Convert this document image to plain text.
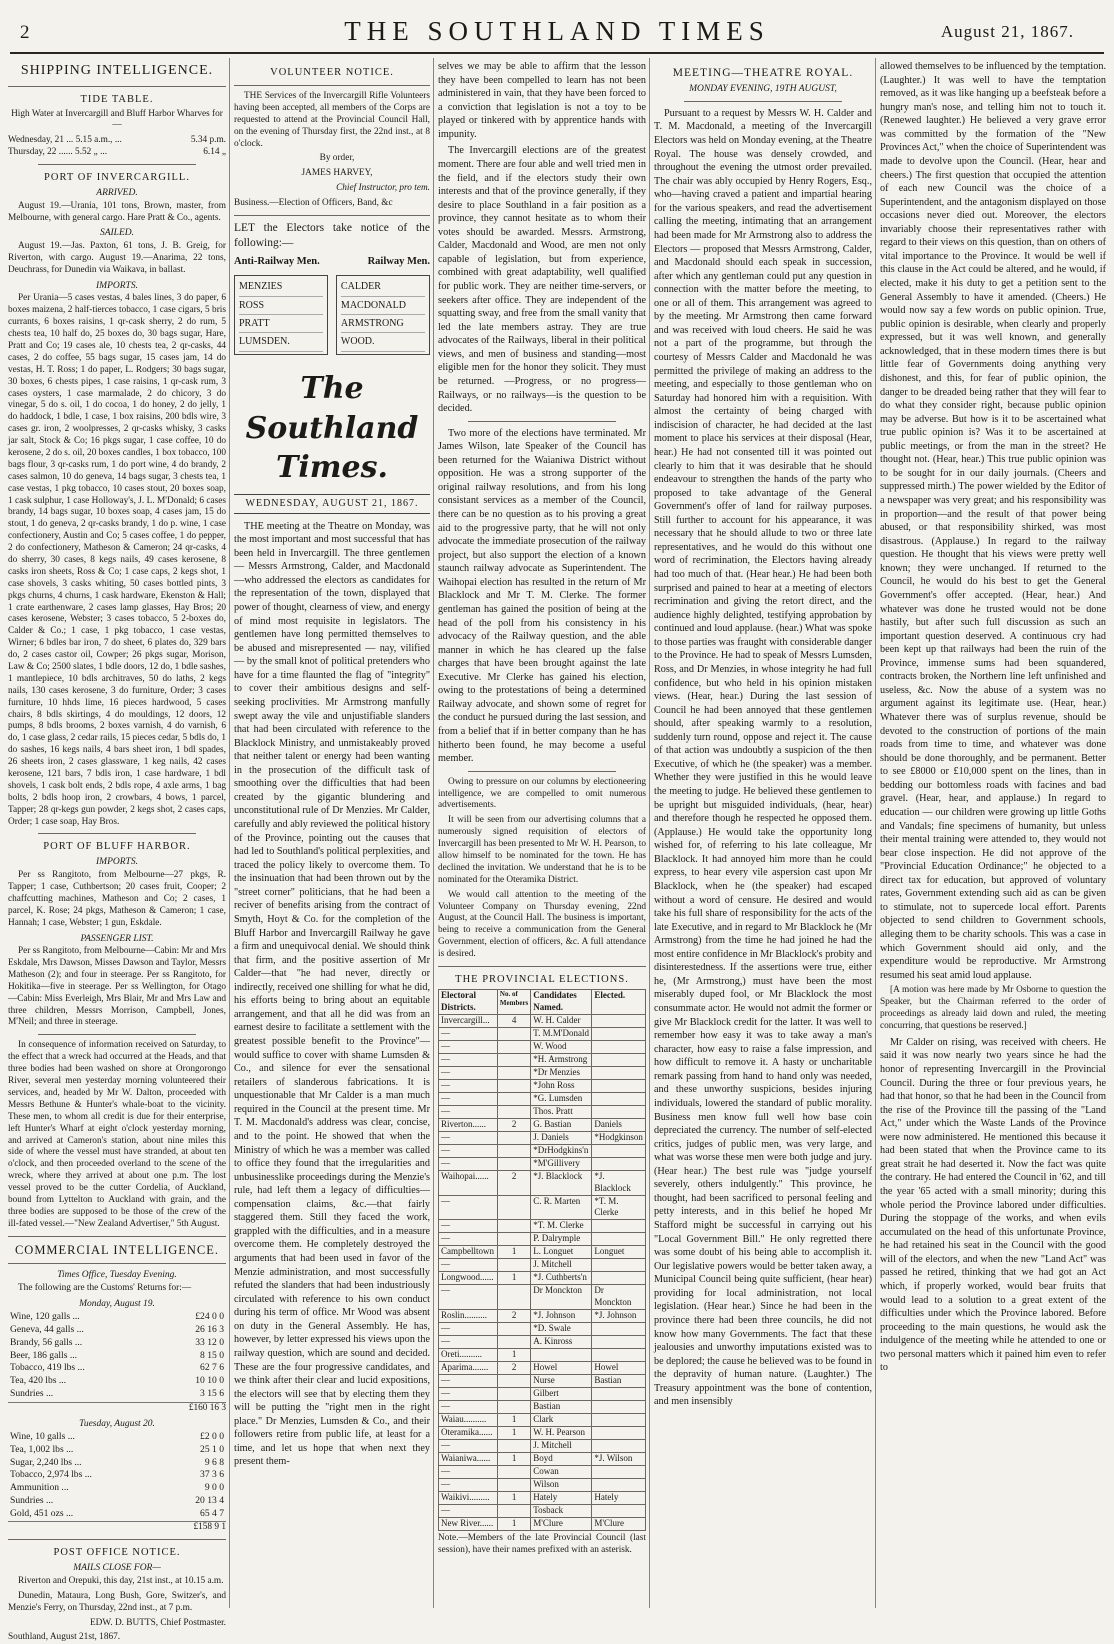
2	THE SOUTHLAND TIMES	August 21, 1867.
SHIPPING INTELLIGENCE.
TIDE TABLE.

High Water at Invercargill and Bluff Harbor Wharves for—

Wednesday, 21 ... 5.15 a.m., ...	5.34 p.m.
Thursday, 22 ...... 5.52 „ ...	6.14 „
PORT OF INVERCARGILL.
ARRIVED.

August 19.—Urania, 101 tons, Brown, master, from Melbourne, with general cargo. Hare Pratt & Co., agents.

SAILED.

August 19.—Jas. Paxton, 61 tons, J. B. Greig, for Riverton, with cargo. August 19.—Anarima, 22 tons, Deuchrass, for Dunedin via Waikava, in ballast.

IMPORTS.

Per Urania—5 cases vestas, 4 bales lines, 3 do paper, 6 boxes maizena, 2 half-tierces tobacco, 1 case cigars, 5 bris currants, 6 boxes raisins, 1 qr-cask sherry, 2 do rum, 5 chests tea, 10 half do, 25 boxes do, 30 bags sugar, Hare, Pratt and Co; 19 cases ale, 10 chests tea, 2 qr-casks, 44 cases, 2 do coffee, 55 bags sugar, 15 cases jam, 14 do vestas, H. T. Ross; 1 do paper, L. Rodgers; 30 bags sugar, 30 boxes, 6 chests pipes, 1 case raisins, 1 qr-cask rum, 3 cases oysters, 1 case marmalade, 2 do chicory, 3 do vinegar, 5 do s. oil, 1 do cocoa, 1 do honey, 2 do jelly, 1 do haddock, 1 bdle, 1 case, 1 box raisins, 200 bdls wire, 3 cases gr. iron, 2 woolpresses, 2 qr-casks whisky, 3 casks jar salt, Stock & Co; 16 pkgs sugar, 1 case coffee, 10 do kerosene, 2 do s. oil, 20 boxes candles, 1 box tobacco, 100 bags flour, 3 qr-casks rum, 1 do port wine, 4 do brandy, 2 cases salmon, 10 do geneva, 14 bags sugar, 3 chests tea, 1 case vestas, 1 pkg tobacco, 10 cases stout, 20 boxes soap, 1 cask sulphur, 1 case Holloway's, J. L. M'Donald; 6 cases brandy, 14 bags sugar, 10 boxes soap, 4 cases jam, 15 do stout, 1 do geneva, 2 qr-casks brandy, 1 do p. wine, 1 case confectionery, Austin and Co; 5 cases coffee, 1 do pepper, 2 do confectionery, Matheson & Cameron; 24 qr-casks, 4 do sherry, 30 cases, 8 kegs nails, 49 cases kerosene, 8 casks iron sheets, Ross & Co; 1 case caps, 2 kegs shot, 1 case shovels, 3 casks whiting, 50 cases bottled pints, 3 pkgs churns, 4 churns, 1 cask hardware, Ekenston & Hall; 1 crate earthenware, 2 cases lamp glasses, Hay Bros; 20 cases kerosene, Webster; 3 cases tobacco, 5 2-boxes do, Calder & Co.; 1 case, 1 pkg tobacco, 1 case vestas, Wirner; 6 bdles bar iron, 7 do sheet, 6 plates do, 329 bars do, 2 cases castor oil, Cowper; 26 pkgs sugar, Morison, Law & Co; 2500 slates, 1 bdle doors, 12 do, 1 bdle sashes, 1 mantlepiece, 10 bdls architraves, 50 do laths, 2 kegs nails, 130 cases kerosene, 3 do furniture, Order; 3 cases furniture, 10 hhds lime, 16 pieces hardwood, 5 cases chairs, 8 bdls skirtings, 4 do mouldings, 12 doors, 12 pumps, 8 bdls brooms, 2 boxes varnish, 4 do varnish, 6 do, 1 case glass, 2 cedar rails, 15 pieces cedar, 5 bdls do, 1 do sashes, 16 kegs nails, 4 bars sheet iron, 1 bdl spades, 26 sheets iron, 2 cases glassware, 1 keg nails, 42 cases kerosene, 121 bars, 7 bdls iron, 1 case hardware, 1 bdl shovels, 1 cask bolt ends, 2 bdls rope, 4 axle arms, 1 bag bolts, 2 bdls hoop iron, 2 crowbars, 4 bows, 1 parcel, Tapper; 28 qr-kegs gun powder, 2 kegs shot, 2 cases caps, Order; 1 case soap, Hay Bros.

PORT OF BLUFF HARBOR.
IMPORTS.

Per ss Rangitoto, from Melbourne—27 pkgs, R. Tapper; 1 case, Cuthbertson; 20 cases fruit, Cooper; 2 chaffcutting machines, Matheson and Co; 2 cases, 1 parcel, K. Rose; 24 pkgs, Matheson & Cameron; 1 case, Hannah; 1 case, Webster; 1 gun, Eskdale.

PASSENGER LIST.

Per ss Rangitoto, from Melbourne—Cabin: Mr and Mrs Eskdale, Mrs Dawson, Misses Dawson and Taylor, Messrs Matheson (2); and four in steerage. Per ss Rangitoto, for Hokitika—five in steerage. Per ss Wellington, for Otago—Cabin: Miss Everleigh, Mrs Blair, Mr and Mrs Law and three children, Messrs Morrison, Campbell, Jones, M'Neil; and three in steerage.

In consequence of information received on Saturday, to the effect that a wreck had occurred at the Heads, and that three bodies had been washed on shore at Orongorongo River, several men yesterday morning volunteered their services, and, headed by Mr W. Dalton, proceeded with Messrs Bethune & Hunter's whale-boat to the vicinity. These men, to whom all credit is due for their enterprise, left Hunter's Wharf at eight o'clock yesterday morning, and arrived at Cameron's station, about nine miles this side of where the vessel must have stranded, at about ten o'clock, and then proceeded overland to the scene of the wreck, where they arrived at about one p.m. The lost vessel proved to be the cutter Cordelia, of Auckland, bound from Lyttelton to Auckland with grain, and the three bodies are supposed to be those of the crew of the ill-fated vessel.—"New Zealand Advertiser," 5th August.

COMMERCIAL INTELLIGENCE.
Times Office, Tuesday Evening.

The following are the Customs' Returns for:—

Monday, August 19.
Wine, 120 galls ...	£24 0 0
Geneva, 44 galls ...	26 16 3
Brandy, 56 galls ...	33 12 0
Beer, 186 galls ...	8 15 0
Tobacco, 419 lbs ...	62 7 6
Tea, 420 lbs ...	10 10 0
Sundries ...	3 15 6
£160 16 3
Tuesday, August 20.
Wine, 10 galls ...	£2 0 0
Tea, 1,002 lbs ...	25 1 0
Sugar, 2,240 lbs ...	9 6 8
Tobacco, 2,974 lbs ...	37 3 6
Ammunition ...	9 0 0
Sundries ...	20 13 4
Gold, 451 ozs ...	65 4 7
£158 9 1
POST OFFICE NOTICE.
MAILS CLOSE FOR—

Riverton and Orepuki, this day, 21st inst., at 10.15 a.m.

Dunedin, Mataura, Long Bush, Gore, Switzer's, and Menzie's Ferry, on Thursday, 22nd inst., at 7 p.m.

EDW. D. BUTTS, Chief Postmaster.

Southland, August 21st, 1867.

VOLUNTEER NOTICE.

THE Services of the Invercargill Rifle Volunteers having been accepted, all members of the Corps are requested to attend at the Provincial Council Hall, on the evening of Thursday first, the 22nd inst., at 8 o'clock.

By order,

JAMES HARVEY,

Chief Instructor, pro tem.

Business.—Election of Officers, Band, &c

LET the Electors take notice of the following:—

Anti-Railway Men.	Railway Men.
MENZIES
ROSS
PRATT
LUMSDEN.
CALDER
MACDONALD
ARMSTRONG
WOOD.
The Southland Times.
WEDNESDAY, AUGUST 21, 1867.

THE meeting at the Theatre on Monday, was the most important and most successful that has been held in Invercargill. The three gentlemen — Messrs Armstrong, Calder, and Macdonald—who addressed the electors as candidates for the representation of the town, displayed that power of thought, clearness of view, and energy of mind most requisite in legislators. The gentlemen have long permitted themselves to be abused and misrepresented — nay, vilified — by the small knot of political pretenders who have for a time flaunted the flag of "integrity" to cover their ambitious designs and self-seeking proclivities. Mr Armstrong manfully swept away the vile and unjustifiable slanders that had been circulated with reference to the Blacklock Ministry, and unmistakeably proved that neither talent or energy had been wanting in the prosecution of the difficult task of smoothing over the difficulties that had been created by the gigantic blundering and unconstitutional rule of Dr Menzies. Mr Calder, carefully and ably reviewed the political history of the Province, pointing out the causes that had led to Southland's political perplexities, and traced the policy likely to overcome them. To the insinuation that had been thrown out by the "street corner" politicians, that he had been a reciver of benefits arising from the contract of Smyth, Hoyt & Co. for the completion of the Bluff Harbor and Invercargill Railway he gave a firm and unequivocal denial. We should think that firm, and the positive assertion of Mr Calder—that "he had never, directly or indirectly, received one shilling for what he did, his efforts being to bring about an equitable arrangement, and that all he did was from an earnest desire to facilitate a settlement with the greatest possible benefit to the Province"—would suffice to cover with shame Lumsden & Co., and silence for ever the sensational retailers of slanderous fabrications. It is unquestionable that Mr Calder is a man much required in the Council at the present time. Mr T. M. Macdonald's address was clear, concise, and to the point. He showed that when the Ministry of which he was a member was called to office they found that the irregularities and unbusinesslike proceedings during the Menzie's rule, had left them a legacy of difficulties—compensation claims, &c.—that fairly staggered them. Still they faced the work, grappled with the difficulties, and in a measure overcome them. He completely destroyed the arguments that had been used in favor of the Menzie administration, and most successfully refuted the slanders that had been industriously circulated with reference to his own conduct during his term of office. Mr Wood was absent on duty in the General Assembly. He has, however, by letter expressed his views upon the railway question, which are sound and decided. These are the four progressive candidates, and we think after their clear and lucid expositions, the electors will see that by electing them they will be putting the "right men in the right place." Dr Menzies, Lumsden & Co., and their followers retire from public life, at least for a time, and let us hope that when next they present them-

selves we may be able to affirm that the lesson they have been compelled to learn has not been administered in vain, that they have been forced to a conviction that legislation is not a toy to be played or tinkered with by apprentice hands with impunity.

The Invercargill elections are of the greatest moment. There are four able and well tried men in the field, and if the electors study their own interests and that of the province generally, if they desire to place Southland in a fair position as a province, they cannot hesitate as to whom their votes should be awarded. Messrs. Armstrong, Calder, Macdonald and Wood, are men not only capable of legislation, but from experience, combined with great adaptability, well qualified for public work. They are neither time-servers, or seekers after office. They are independent of the squatting sway, and free from the small vanity that led the late members astray. They are true advocates of the Railways, liberal in their political views, and men of business and standing—most eligible men for the honor they solicit. They must be returned. —Progress, or no progress—Railways, or no railways—is the question to be decided.

Two more of the elections have terminated. Mr James Wilson, late Speaker of the Council has been returned for the Waianiwa District without opposition. He was a strong supporter of the original railway resolutions, and from his long consistant services as a member of the Council, there can be no question as to his proving a great aid to the progressive party, that he will not only advocate the immediate prosecution of the railway project, but also support the election of a known staunch railway advocate as Superintendent. The Waihopai election has resulted in the return of Mr Blacklock and Mr T. M. Clerke. The former gentleman has gained the position of being at the head of the poll from his consistency in his advocacy of the Railway question, and the able manner in which he has cleared up the false charges that have been brought against the late Executive. Mr Clerke has gained his election, owing to the protestations of being a determined Railway advocate, and shown some of regret for the conduct he pursued during the last session, and from a belief that if in better company than he has hitherto been found, he may become a useful member.

Owing to pressure on our columns by electioneering intelligence, we are compelled to omit numerous advertisements.

It will be seen from our advertising columns that a numerously signed requisition of electors of Invercargill has been presented to Mr W. H. Pearson, to allow himself to be nominated for the town. He has declined the invitation. We understand that he is to be nominated for the Oteramika District.

We would call attention to the meeting of the Volunteer Company on Thursday evening, 22nd August, at the Council Hall. The business is important, being to receive a communication from the General Government, election of officers, &c. A full attendance is desired.

THE PROVINCIAL ELECTIONS.
Electoral Districts.	No. of Members	Candidates Named.	Elected.
Invercargill...	4	W. H. Calder	
—		T. M.M'Donald	
—		W. Wood	
—		*H. Armstrong	
—		*Dr Menzies	
—		*John Ross	
—		*G. Lumsden	
—		Thos. Pratt	
Riverton......	2	G. Bastian	Daniels
—		J. Daniels	*Hodgkinson
—		*DrHodgkins'n	
—		*M'Gillivery	
Waihopai......	2	*J. Blacklock	*J. Blacklock
—		C. R. Marten	*T. M. Clerke
—		*T. M. Clerke	
—		P. Dalrymple	
Campbelltown	1	L. Longuet	Longuet
—		J. Mitchell	
Longwood......	1	*J. Cuthberts'n	
—		Dr Monckton	Dr Monckton
Roslin..........	2	*J. Johnson	*J. Johnson
—		*D. Swale	
—		A. Kinross	
Oreti..........	1		
Aparima.......	2	Howel	Howel
—		Nurse	Bastian
—		Gilbert	
—		Bastian	
Waiau..........	1	Clark	
Oteramika......	1	W. H. Pearson	
—		J. Mitchell	
Waianiwa......	1	Boyd	*J. Wilson
—		Cowan	
—		Wilson	
Waikivi.........	1	Hately	Hately
—		Tosback	
New River......	1	M'Clure	M'Clure

Note.—Members of the late Provincial Council (last session), have their names prefixed with an asterisk.

MEETING—THEATRE ROYAL.
MONDAY EVENING, 19TH AUGUST,

Pursuant to a request by Messrs W. H. Calder and T. M. Macdonald, a meeting of the Invercargill Electors was held on Monday evening, at the Theatre Royal. The house was densely crowded, and throughout the evening the utmost order prevailed. The chair was ably occupied by Henry Rogers, Esq., who—having craved a patient and impartial hearing for the various speakers, and read the advertisement calling the meeting, intimating that an arrangement had been made for Mr Armstrong also to address the Electors — proposed that Messrs Armstrong, Calder, and Macdonald should each speak in succession, after which any gentleman could put any question in connection with the matter before the meeting, to one or all of them. This arrangement was agreed to by the meeting. Mr Armstrong then came forward and was received with loud cheers. He said he was not a part of the programme, but through the courtesy of Messrs Calder and Macdonald he was permitted the privilege of making an address to the meeting, and especially to those gentleman who on Saturday had honored him with a requisition. With almost the certainty of being charged with indiscision of character, he had decided at the last moment to place his services at their disposal (Hear, hear.) He had not consented till it was pointed out clearly to him that it was desirable that he should endeavour to strengthen the hands of the party who proposed to take advantage of the General Government's offer of land for railway purposes. Still further to account for his appearance, it was necessary that he should allude to two or three late representatives, and he would do this without one word of recrimination, the Electors having already had too much of that. (Hear hear.) He had been both surprised and pained to hear at a meeting of electors recrimination and giving the retort direct, and the audience highly delighted, testifying approbation by continued and loud applause. (hear.) What was spoke to those parties was fraught with considerable danger to the Province. He had to speak of Messrs Lumsden, Ross, and Dr Menzies, in whose integrity he had full confidence, but who held in his opinion mistaken views. (Hear, hear.) During the last session of Council he had been annoyed that these gentlemen should, after speaking warmly to a resolution, suddenly turn round, oppose and reject it. The cause of that action was undoubtly a suspicion of the then Executive, of which he (the speaker) was a member. Whether they were justified in this he would leave the meeting to judge. He believed these gentlemen to be upright but misguided individuals, (hear, hear) and therefore though he respected he opposed them. (Applause.) He would take the opportunity long wished for, of referring to his late colleague, Mr Blacklock. It had annoyed him more than he could express, to hear every vile aspersion cast upon Mr Blacklock, when he (the speaker) had escaped without a word of censure. He desired and would take his full share of responsibility for the acts of the late Executive, and in regard to Mr Blacklock he (Mr Armstrong) from the time he had joined he had the most entire confidence in Mr Blacklock's probity and disinterestedness. If the assertions were true, either he, (Mr Armstrong,) must have been the most miserably duped fool, or Mr Blacklock the most consummate actor. He would not admit the former or give Mr Blacklock credit for the latter. It was well to remember how easy it was to take away a man's character, how easy to raise a false impression, and how difficult to remove it. A hasty or uncharitable remark passing from hand to hand only was needed, and these unworthy suspicions, besides injuring individuals, lowered the standard of public morality. Business men know full well how base coin depreciated the currency. The number of self-elected critics, judges of public men, was very large, and what was worse these men were both judge and jury. (Hear hear.) The best rule was "judge yourself severely, others indulgently." This province, he thought, had been sacrificed to personal feeling and petty interests, and in this belief he hoped Mr Stafford might be successful in carrying out his "Local Government Bill." He only regretted there was some doubt of his being able to accomplish it. Our legislative powers would be better taken away, a Municipal Council being quite sufficient, (hear hear) providing for local administration, not local legislation. (Hear hear.) Since he had been in the province there had been three councils, he did not know how many Governments. The fact that these jealousies and unworthy imputations existed was to be deplored; the cause he believed was to be found in the depravity of human nature. (Laughter.) The Treasury appointment was the bone of contention, and men insensibly

allowed themselves to be influenced by the temptation. (Laughter.) It was well to have the temptation removed, as it was like hanging up a beefsteak before a hungry man's nose, and telling him not to touch it. (Renewed laughter.) He believed a very grave error was committed by the formation of the "New Provinces Act," when the choice of Superintendent was made to devolve upon the Council. (Hear, hear and cheers.) The first question that occupied the attention of each new Council was the choice of a Superintendent, and the antagonism displayed on those occasions never died out. Moreover, the electors invariably choose their representatives rather with regard to their views on this question, than on others of vital importance to the Province. It would be well if this clause in the Act could be altered, and he would, if elected, make it his duty to get a petition sent to the General Assembly to have it amended. (Cheers.) He would now say a few words on public opinion. True, public opinion is desirable, when clearly and properly expressed, but it was well known, and generally acknowledged, that in these modern times there is but little fear of Governments doing anything very dishonest, and this, for fear of public opinion, the danger to be dreaded being rather that they will fear to do what they consider right, because public opinion may be adverse. But how is it to be ascertained what true public opinion is? Was it to be ascertained at public meetings, or from the man in the street? He thought not. (Hear, hear.) This true public opinion was to be sought for in our daily journals. (Cheers and suppressed mirth.) The power wielded by the Editor of a newspaper was very great; and his responsibility was in proportion—and the result of that power being abused, or that responsibility shirked, was most disastrous. (Applause.) In regard to the railway question. He thought that his views were pretty well known; they were unchanged. If returned to the Council, he would do his best to get the General Government's offer accepted. (Hear, hear.) And whatever was done he trusted would not be done hastily, but after such full discussion as such an important question deserved. A continuous cry had been kept up that railways had been the ruin of the Province, immense sums had been squandered, contracts broken, the Northern line left unfinished and useless, &c. Now the abuse of a system was no argument against its legitimate use. (Hear, hear.) Whatever there was of surplus revenue, should be devoted to the construction of portions of the main roads from time to time, and whatever was done should be done thoroughly, and be permanent. Better to see £8000 or £10,000 spent on the lines, than in bedding our bottomless roads with facines and bad gravel. (Hear, hear, and applause.) In regard to education — our children were growing up little Goths and Vandals; fine specimens of humanity, but unless their mental training were attended to, they would not bear close inspection. He did not approve of the "Provincial Education Ordinance;" he objected to a direct tax for education, but approved of voluntary rates, Government extending such aid as can be given to stimulate, not to supercede local effort. Parents objected to send children to Government schools, alleging them to be charity schools. This was a case in which Government should aid only, and the expenditure would be reproductive. Mr Armstrong resumed his seat amid loud applause.

[A motion was here made by Mr Osborne to question the Speaker, but the Chairman referred to the order of proceedings as already laid down and ruled, the meeting concurring, that questions be reserved.]

Mr Calder on rising, was received with cheers. He said it was now nearly two years since he had the honor of representing Invercargill in the Provincial Council. During the three or four previous years, he had that honor, so that he had been in the Council from the rise of the Province till the passing of the "Land Act," under which the Waste Lands of the Province were now administered. He mentioned this because it had been stated that when the Province came to its great strait he had deserted it. Now the fact was quite the contrary. He had entered the Council in '62, and till the year '65 acted with a small minority; during this whole period the Province labored under difficulties. During the stoppage of the works, and when evils accumulated on the head of this unfortunate Province, he had retained his seat in the Council with the good will of the electors, and when the new "Land Act" was passed he retired, thinking that we had got an Act which, if properly worked, would bear fruits that would lead to a solution to a great extent of the difficulties under which the Province labored. Before proceeding to the main questions, he would ask the indulgence of the meeting while he attended to one or two personal matters which it pained him even to refer to
